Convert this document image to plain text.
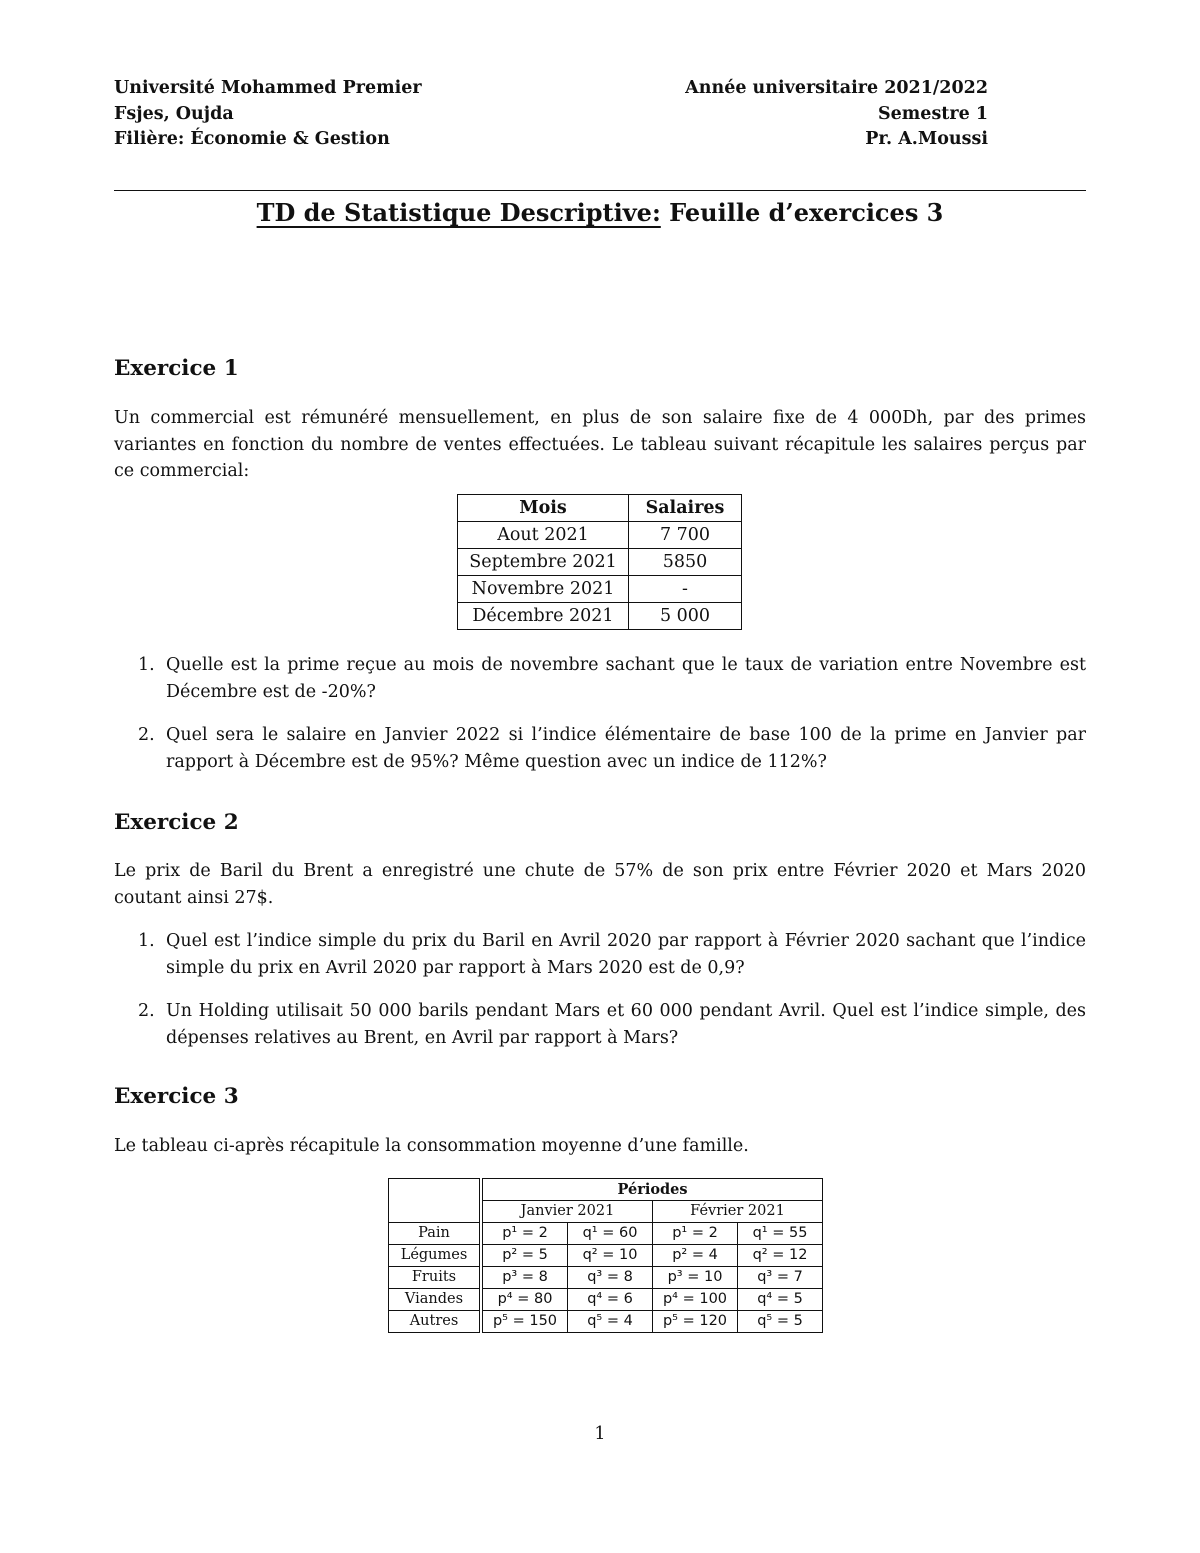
Université Mohammed Premier
Fsjes, Oujda
Filière: Économie & Gestion
Année universitaire 2021/2022
Semestre 1
Pr. A.Moussi
TD de Statistique Descriptive: Feuille d’exercices 3
Exercice 1

Un commercial est rémunéré mensuellement, en plus de son salaire fixe de 4 000Dh, par des primes variantes en fonction du nombre de ventes effectuées. Le tableau suivant récapitule les salaires perçus par ce commercial:

Mois	Salaires
Aout 2021	7 700
Septembre 2021	5850
Novembre 2021	-
Décembre 2021	5 000
1. Quelle est la prime reçue au mois de novembre sachant que le taux de variation entre Novembre est Décembre est de -20%?
2. Quel sera le salaire en Janvier 2022 si l’indice élémentaire de base 100 de la prime en Janvier par rapport à Décembre est de 95%? Même question avec un indice de 112%?
Exercice 2

Le prix de Baril du Brent a enregistré une chute de 57% de son prix entre Février 2020 et Mars 2020 coutant ainsi 27$.

1. Quel est l’indice simple du prix du Baril en Avril 2020 par rapport à Février 2020 sachant que l’indice simple du prix en Avril 2020 par rapport à Mars 2020 est de 0,9?
2. Un Holding utilisait 50 000 barils pendant Mars et 60 000 pendant Avril. Quel est l’indice simple, des dépenses relatives au Brent, en Avril par rapport à Mars?
Exercice 3

Le tableau ci-après récapitule la consommation moyenne d’une famille.

	Périodes			
	Janvier 2021		Février 2021	
Pain	p¹ = 2	q¹ = 60	p¹ = 2	q¹ = 55
Légumes	p² = 5	q² = 10	p² = 4	q² = 12
Fruits	p³ = 8	q³ = 8	p³ = 10	q³ = 7
Viandes	p⁴ = 80	q⁴ = 6	p⁴ = 100	q⁴ = 5
Autres	p⁵ = 150	q⁵ = 4	p⁵ = 120	q⁵ = 5
1
